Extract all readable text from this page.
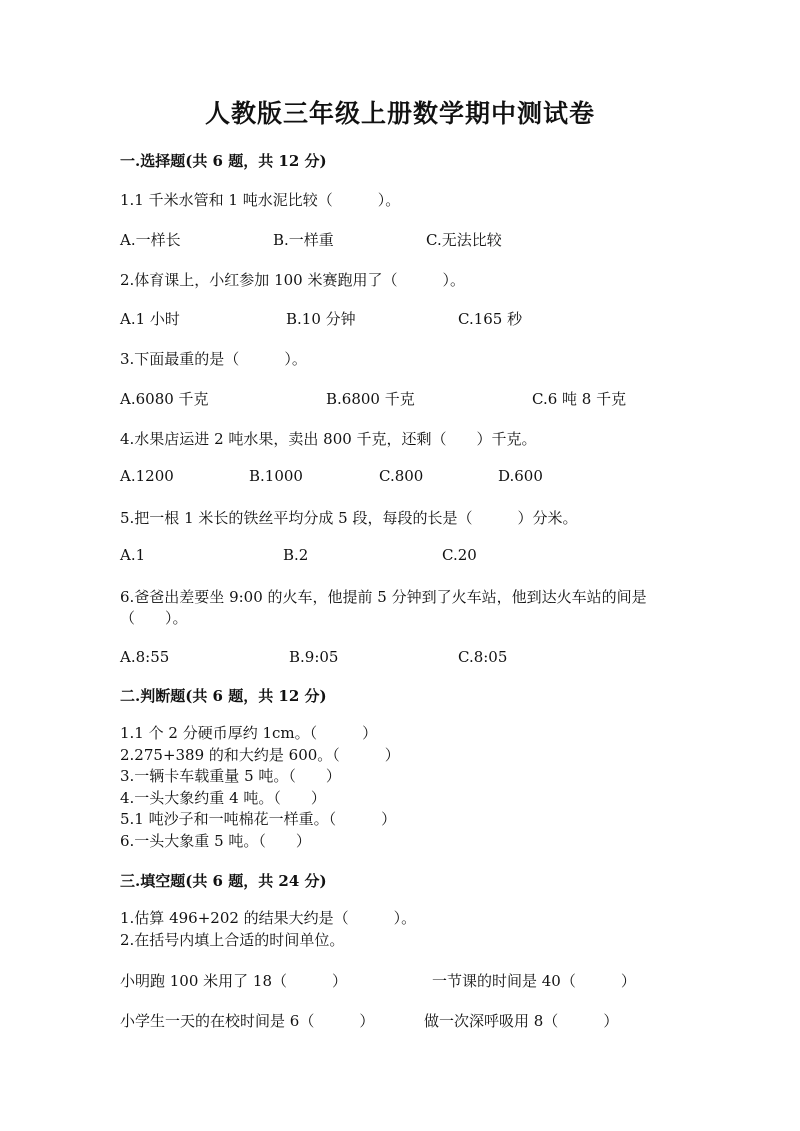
人教版三年级上册数学期中测试卷
一.选择题(共 6 题，共 12 分)
1.1 千米水管和 1 吨水泥比较（　　　）。
A.一样长	B.一样重	C.无法比较
2.体育课上，小红参加 100 米赛跑用了（　　　）。
A.1 小时	B.10 分钟	C.165 秒
3.下面最重的是（　　　）。
A.6080 千克	B.6800 千克	C.6 吨 8 千克
4.水果店运进 2 吨水果，卖出 800 千克，还剩（　　）千克。
A.1200	B.1000	C.800	D.600
5.把一根 1 米长的铁丝平均分成 5 段，每段的长是（　　　）分米。
A.1	B.2	C.20
6.爸爸出差要坐 9:00 的火车，他提前 5 分钟到了火车站，他到达火车站的间是
（　　）。
A.8:55	B.9:05	C.8:05
二.判断题(共 6 题，共 12 分)
1.1 个 2 分硬币厚约 1cm。（　　　）
2.275+389 的和大约是 600。（　　　）
3.一辆卡车载重量 5 吨。（　　）
4.一头大象约重 4 吨。（　　）
5.1 吨沙子和一吨棉花一样重。（　　　）
6.一头大象重 5 吨。（　　）
三.填空题(共 6 题，共 24 分)
1.估算 496+202 的结果大约是（　　　）。
2.在括号内填上合适的时间单位。
小明跑 100 米用了 18（　　　）	一节课的时间是 40（　　　）
小学生一天的在校时间是 6（　　　）	做一次深呼吸用 8（　　　）
